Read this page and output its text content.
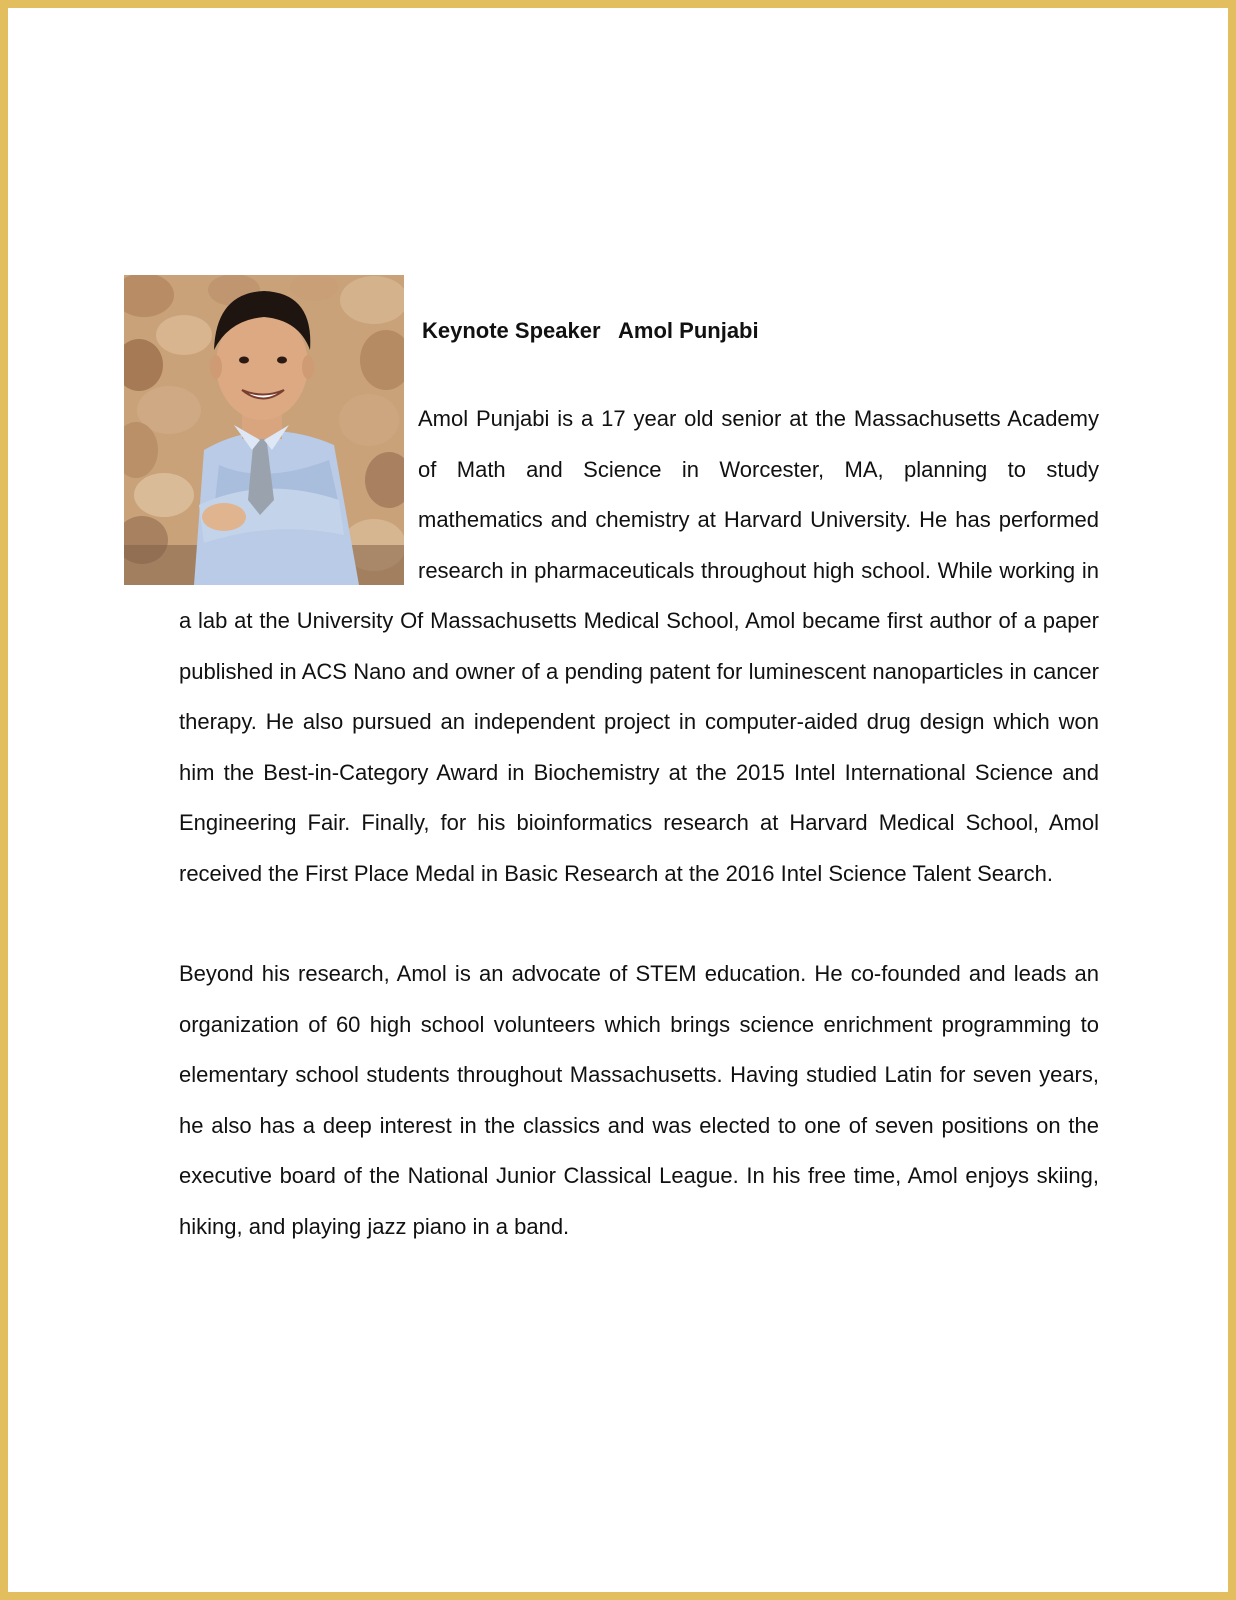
Keynote Speaker   Amol Punjabi

Amol Punjabi is a 17 year old senior at the Massachusetts Academy of Math and Science in Worcester, MA, planning to study mathematics and chemistry at Harvard University. He has performed research in pharmaceuticals throughout high school. While working in a lab at the University Of Massachusetts Medical School, Amol became first author of a paper published in ACS Nano and owner of a pending patent for luminescent nanoparticles in cancer therapy. He also pursued an independent project in computer-aided drug design which won him the Best-in-Category Award in Biochemistry at the 2015 Intel International Science and Engineering Fair. Finally, for his bioinformatics research at Harvard Medical School, Amol received the First Place Medal in Basic Research at the 2016 Intel Science Talent Search.

Beyond his research, Amol is an advocate of STEM education. He co-founded and leads an organization of 60 high school volunteers which brings science enrichment programming to elementary school students throughout Massachusetts. Having studied Latin for seven years, he also has a deep interest in the classics and was elected to one of seven positions on the executive board of the National Junior Classical League. In his free time, Amol enjoys skiing, hiking, and playing jazz piano in a band.
